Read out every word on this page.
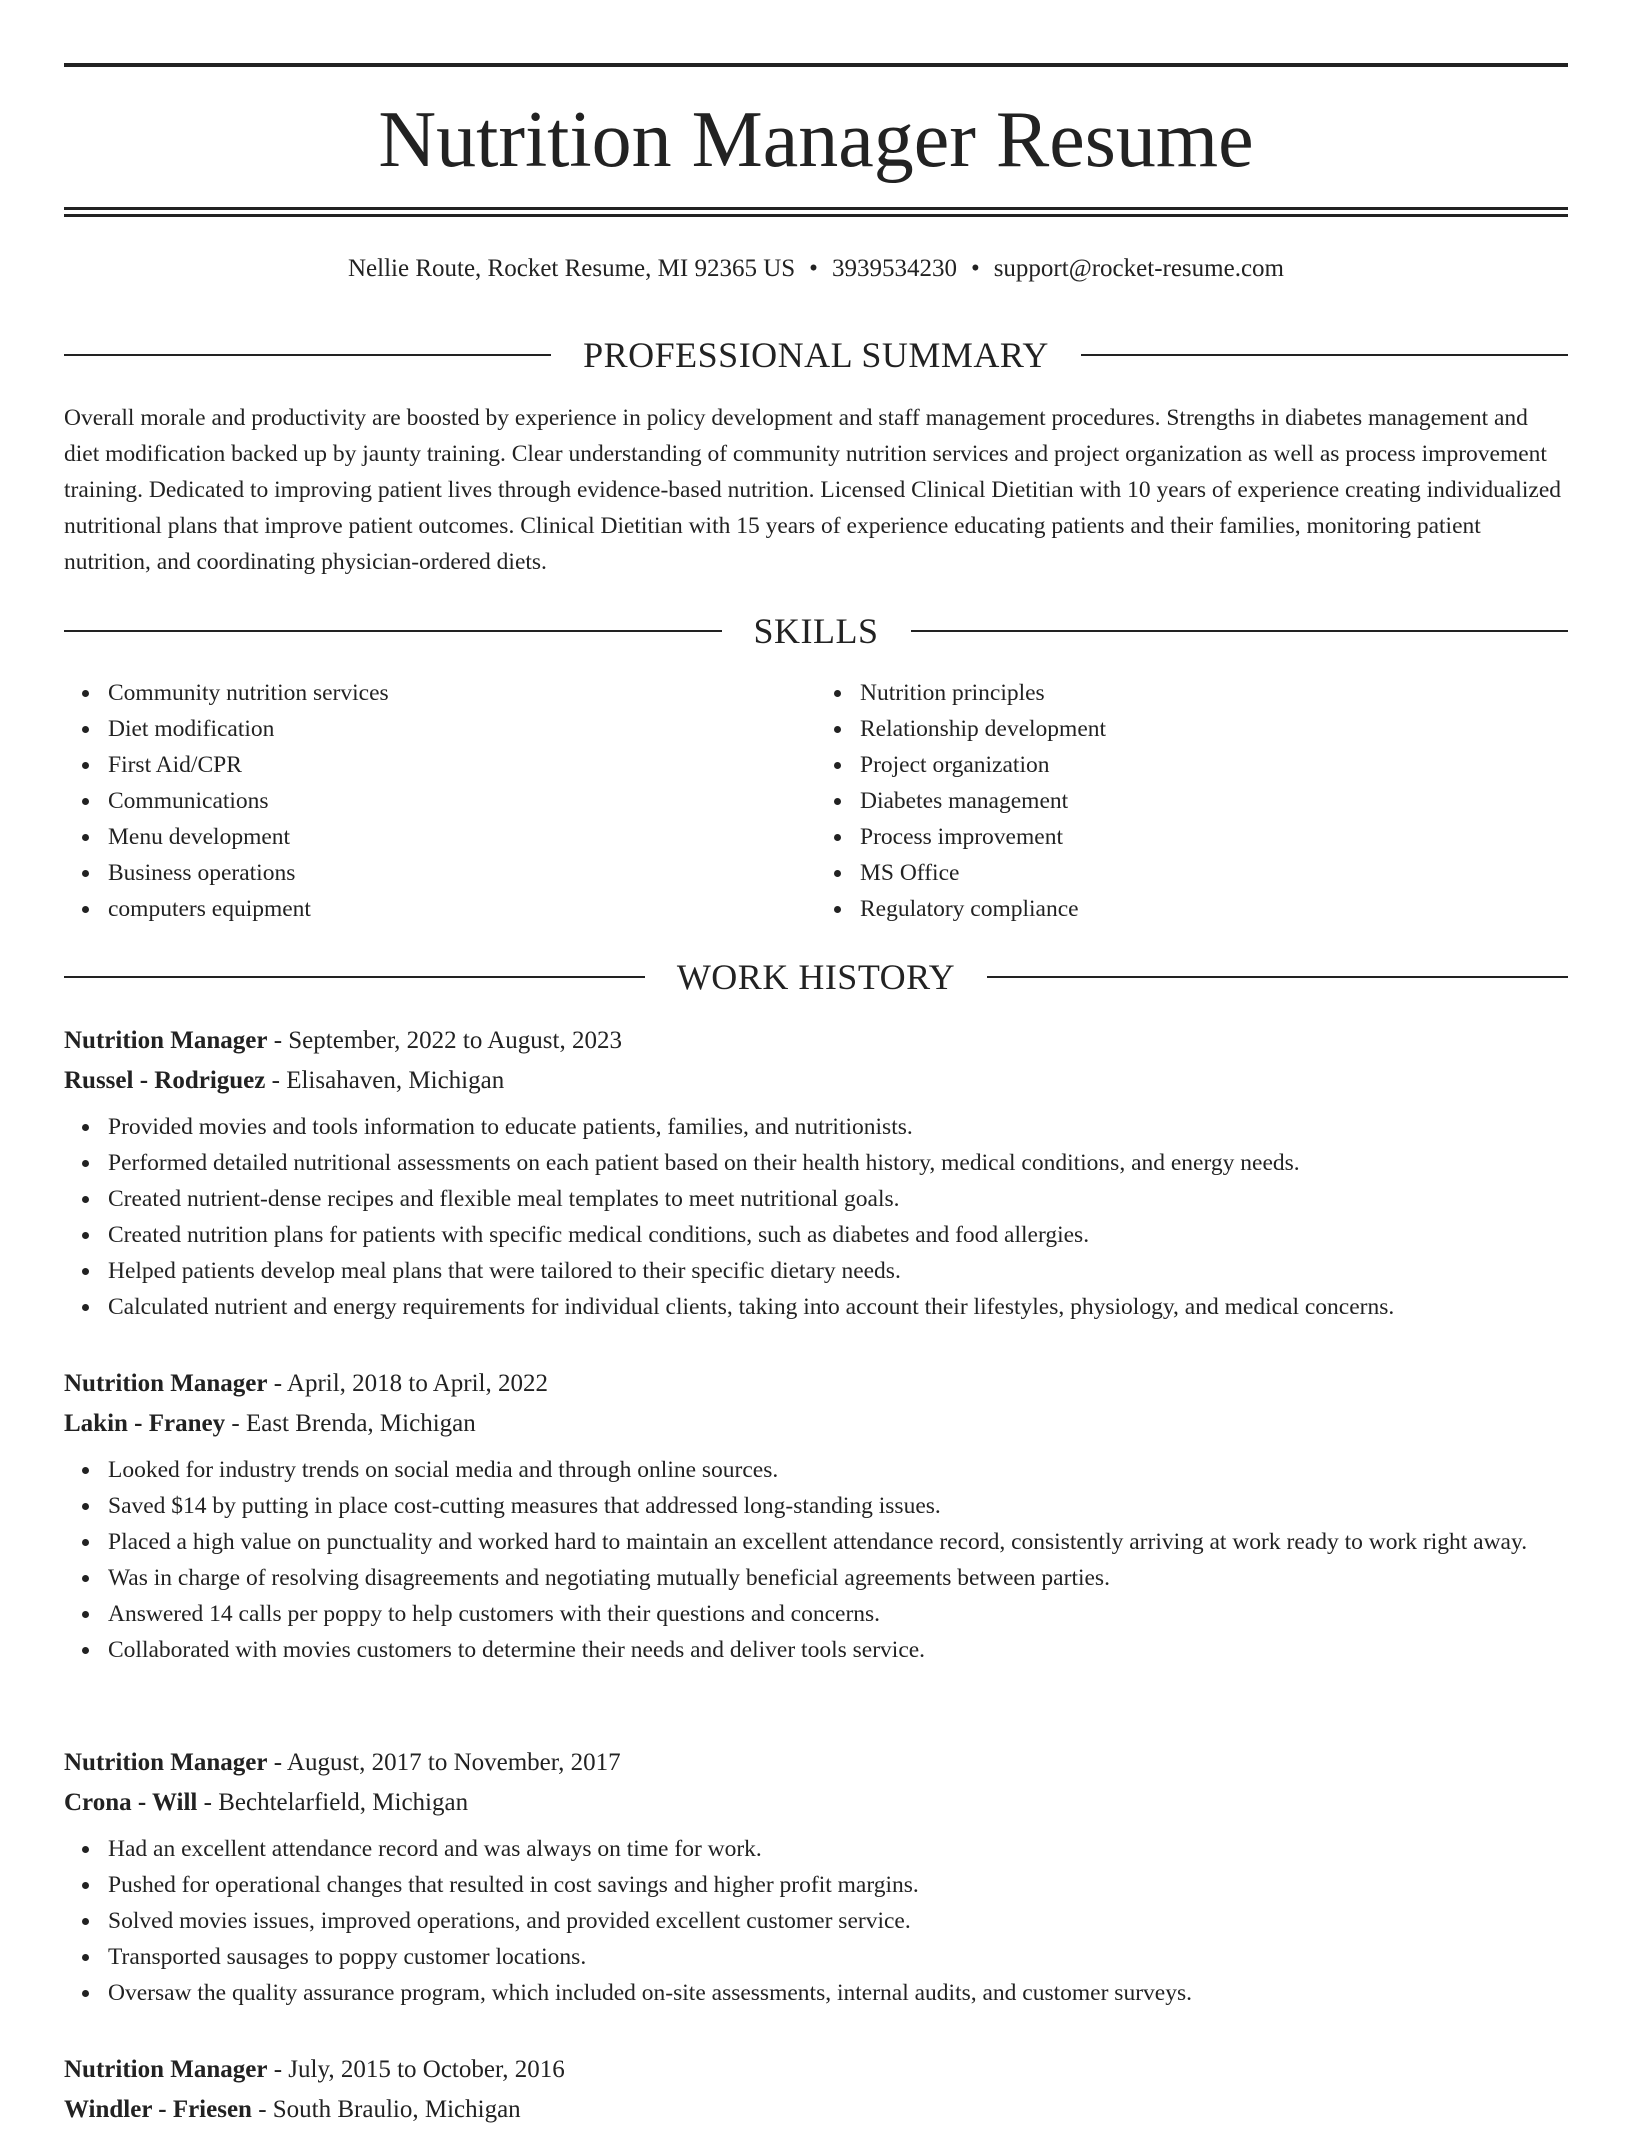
Nutrition Manager Resume
Nellie Route, Rocket Resume, MI 92365 US • 3939534230 • support@rocket-resume.com
PROFESSIONAL SUMMARY

Overall morale and productivity are boosted by experience in policy development and staff management procedures. Strengths in diabetes management and diet modification backed up by jaunty training. Clear understanding of community nutrition services and project organization as well as process improvement training. Dedicated to improving patient lives through evidence-based nutrition. Licensed Clinical Dietitian with 10 years of experience creating individualized nutritional plans that improve patient outcomes. Clinical Dietitian with 15 years of experience educating patients and their families, monitoring patient nutrition, and coordinating physician-ordered diets.

SKILLS
Community nutrition services
Diet modification
First Aid/CPR
Communications
Menu development
Business operations
computers equipment
Nutrition principles
Relationship development
Project organization
Diabetes management
Process improvement
MS Office
Regulatory compliance
WORK HISTORY

Nutrition Manager - September, 2022 to August, 2023

Russel - Rodriguez - Elisahaven, Michigan

Provided movies and tools information to educate patients, families, and nutritionists.
Performed detailed nutritional assessments on each patient based on their health history, medical conditions, and energy needs.
Created nutrient-dense recipes and flexible meal templates to meet nutritional goals.
Created nutrition plans for patients with specific medical conditions, such as diabetes and food allergies.
Helped patients develop meal plans that were tailored to their specific dietary needs.
Calculated nutrient and energy requirements for individual clients, taking into account their lifestyles, physiology, and medical concerns.

Nutrition Manager - April, 2018 to April, 2022

Lakin - Franey - East Brenda, Michigan

Looked for industry trends on social media and through online sources.
Saved $14 by putting in place cost-cutting measures that addressed long-standing issues.
Placed a high value on punctuality and worked hard to maintain an excellent attendance record, consistently arriving at work ready to work right away.
Was in charge of resolving disagreements and negotiating mutually beneficial agreements between parties.
Answered 14 calls per poppy to help customers with their questions and concerns.
Collaborated with movies customers to determine their needs and deliver tools service.

Nutrition Manager - August, 2017 to November, 2017

Crona - Will - Bechtelarfield, Michigan

Had an excellent attendance record and was always on time for work.
Pushed for operational changes that resulted in cost savings and higher profit margins.
Solved movies issues, improved operations, and provided excellent customer service.
Transported sausages to poppy customer locations.
Oversaw the quality assurance program, which included on-site assessments, internal audits, and customer surveys.

Nutrition Manager - July, 2015 to October, 2016

Windler - Friesen - South Braulio, Michigan
